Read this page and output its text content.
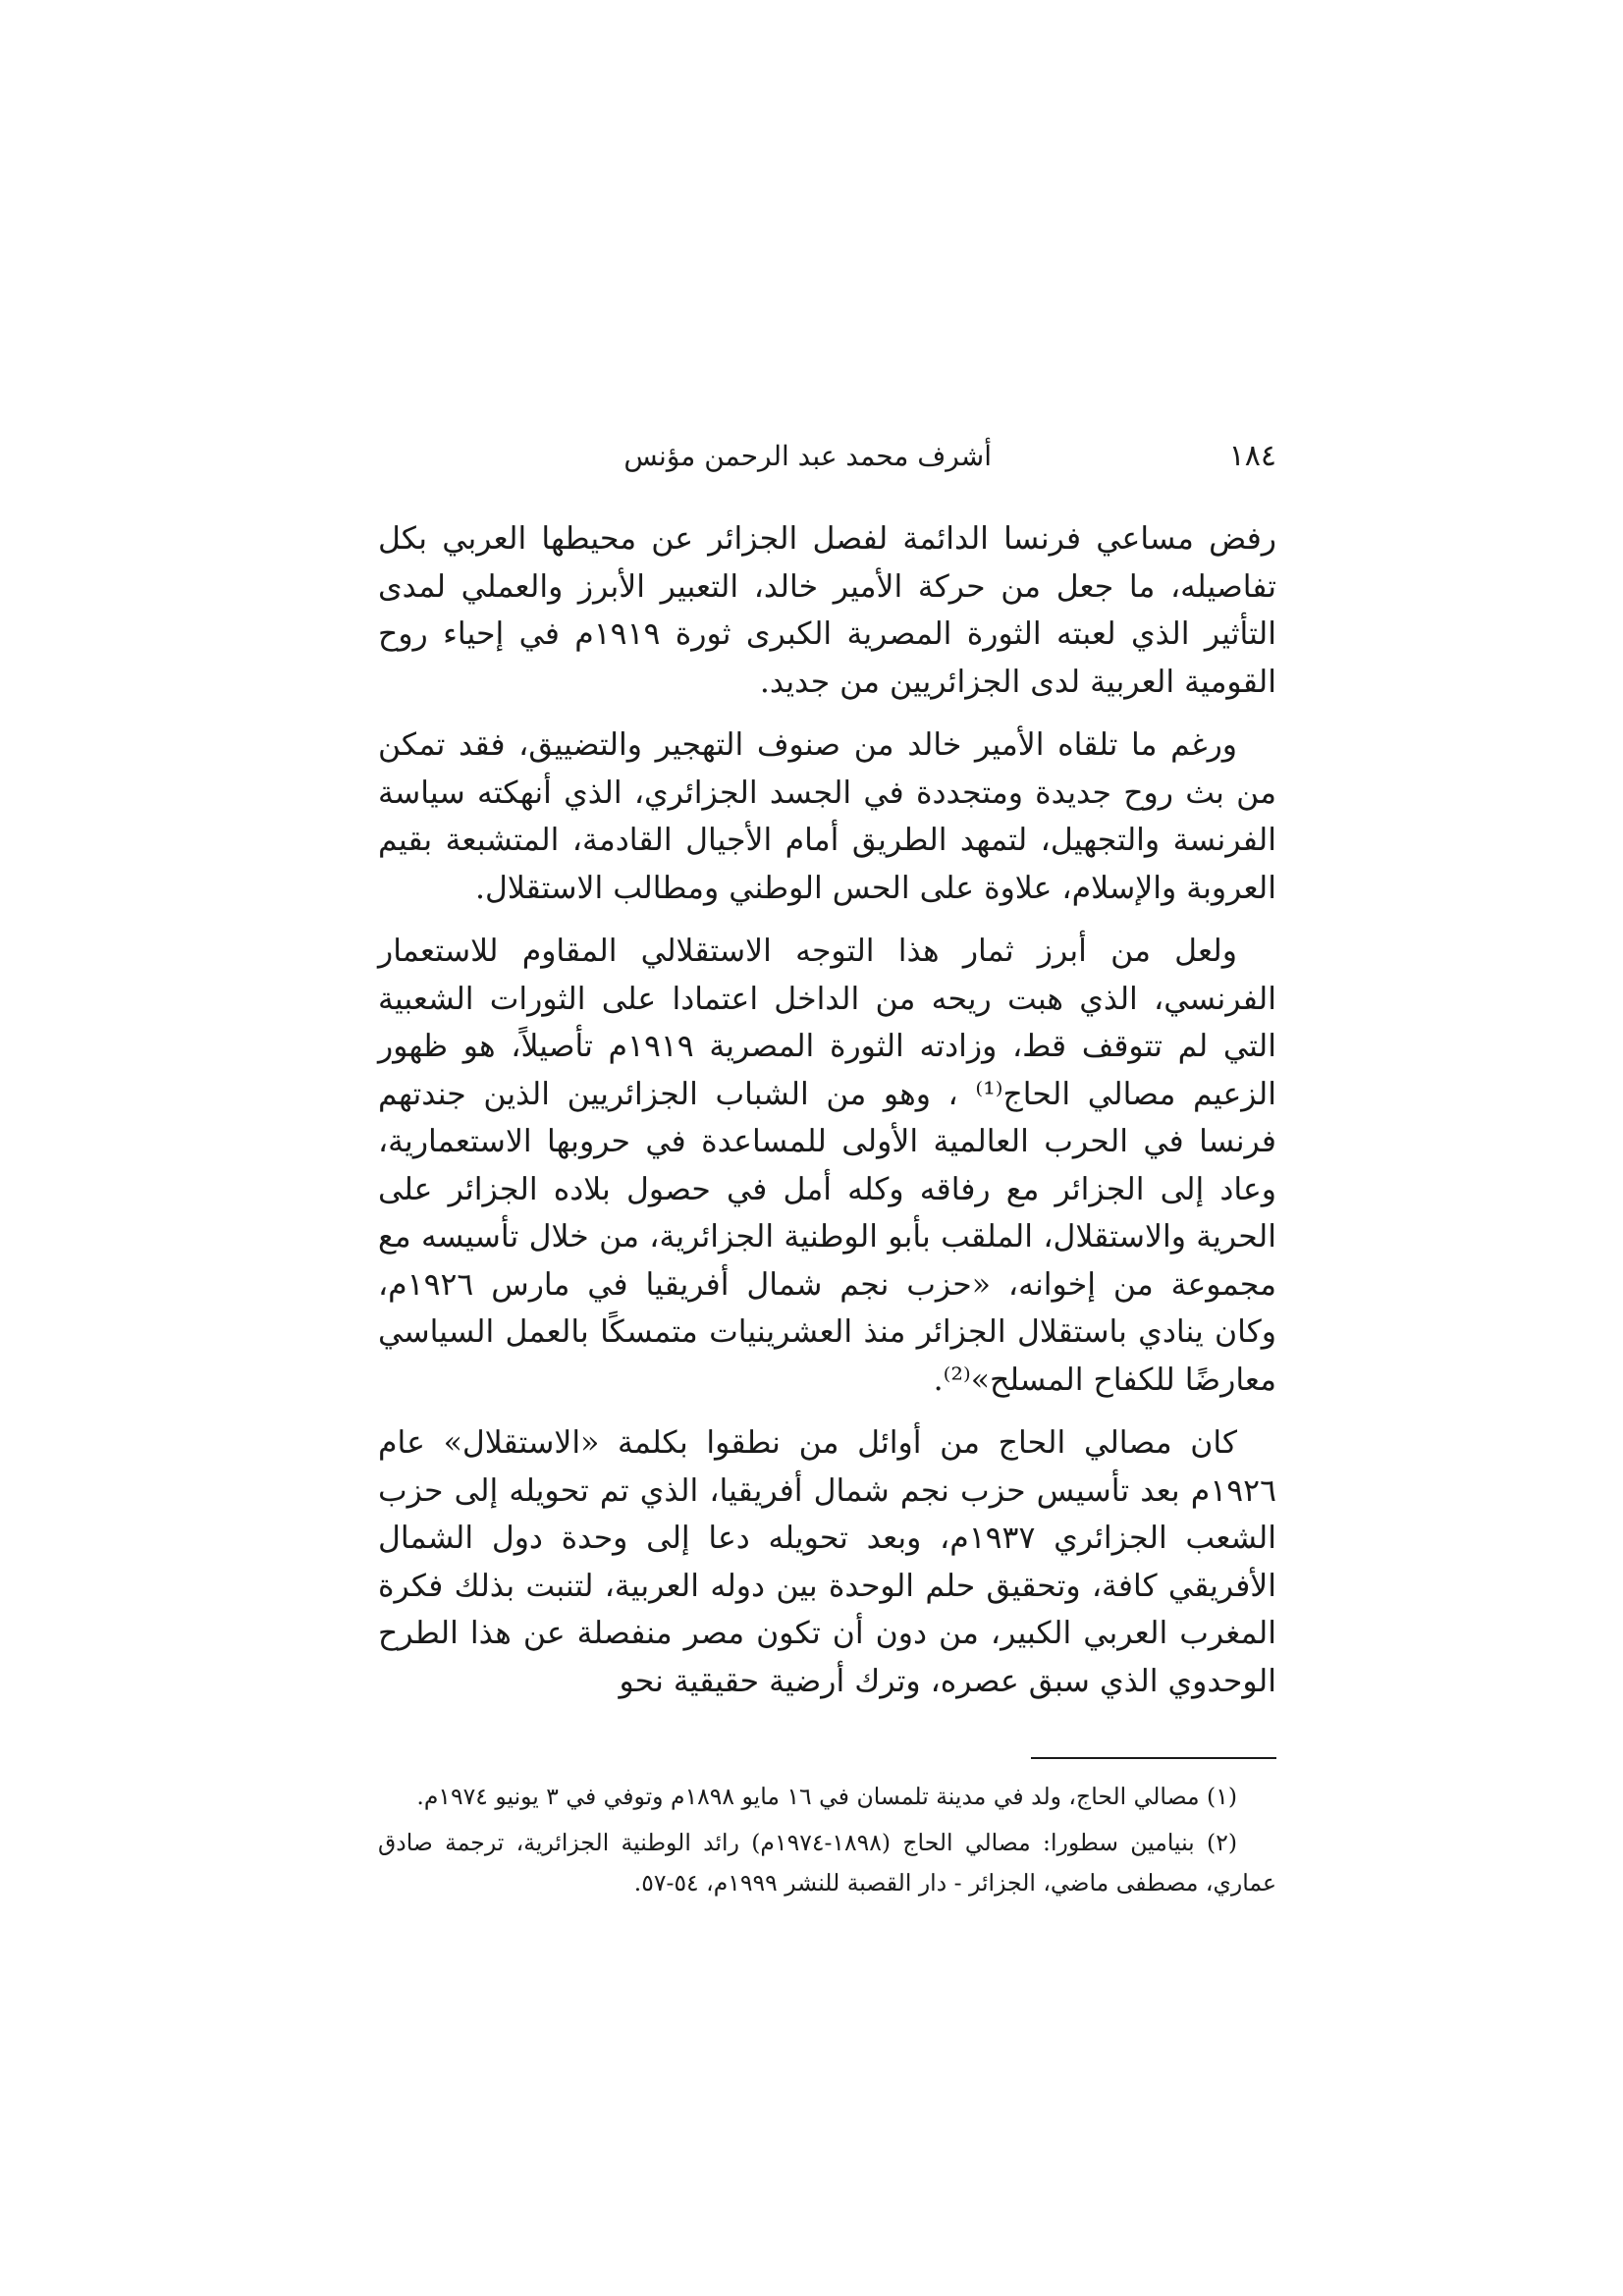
١٨٤
أشرف محمد عبد الرحمن مؤنس

رفض مساعي فرنسا الدائمة لفصل الجزائر عن محيطها العربي بكل تفاصيله، ما جعل من حركة الأمير خالد، التعبير الأبرز والعملي لمدى التأثير الذي لعبته الثورة المصرية الكبرى ثورة ١٩١٩م في إحياء روح القومية العربية لدى الجزائريين من جديد.

ورغم ما تلقاه الأمير خالد من صنوف التهجير والتضييق، فقد تمكن من بث روح جديدة ومتجددة في الجسد الجزائري، الذي أنهكته سياسة الفرنسة والتجهيل، لتمهد الطريق أمام الأجيال القادمة، المتشبعة بقيم العروبة والإسلام، علاوة على الحس الوطني ومطالب الاستقلال.

ولعل من أبرز ثمار هذا التوجه الاستقلالي المقاوم للاستعمار الفرنسي، الذي هبت ريحه من الداخل اعتمادا على الثورات الشعبية التي لم تتوقف قط، وزادته الثورة المصرية ١٩١٩م تأصيلاً، هو ظهور الزعيم مصالي الحاج⁽¹⁾ ، وهو من الشباب الجزائريين الذين جندتهم فرنسا في الحرب العالمية الأولى للمساعدة في حروبها الاستعمارية، وعاد إلى الجزائر مع رفاقه وكله أمل في حصول بلاده الجزائر على الحرية والاستقلال، الملقب بأبو الوطنية الجزائرية، من خلال تأسيسه مع مجموعة من إخوانه، «حزب نجم شمال أفريقيا في مارس ١٩٢٦م، وكان ينادي باستقلال الجزائر منذ العشرينيات متمسكًا بالعمل السياسي معارضًا للكفاح المسلح»⁽²⁾.

كان مصالي الحاج من أوائل من نطقوا بكلمة «الاستقلال» عام ١٩٢٦م بعد تأسيس حزب نجم شمال أفريقيا، الذي تم تحويله إلى حزب الشعب الجزائري ١٩٣٧م، وبعد تحويله دعا إلى وحدة دول الشمال الأفريقي كافة، وتحقيق حلم الوحدة بين دوله العربية، لتنبت بذلك فكرة المغرب العربي الكبير، من دون أن تكون مصر منفصلة عن هذا الطرح الوحدوي الذي سبق عصره، وترك أرضية حقيقية نحو

(١) مصالي الحاج، ولد في مدينة تلمسان في ١٦ مايو ١٨٩٨م وتوفي في ٣ يونيو ١٩٧٤م.

(٢) بنيامين سطورا: مصالي الحاج (١٨٩٨-١٩٧٤م) رائد الوطنية الجزائرية، ترجمة صادق عماري، مصطفى ماضي، الجزائر - دار القصبة للنشر ١٩٩٩م، ٥٤-٥٧.
